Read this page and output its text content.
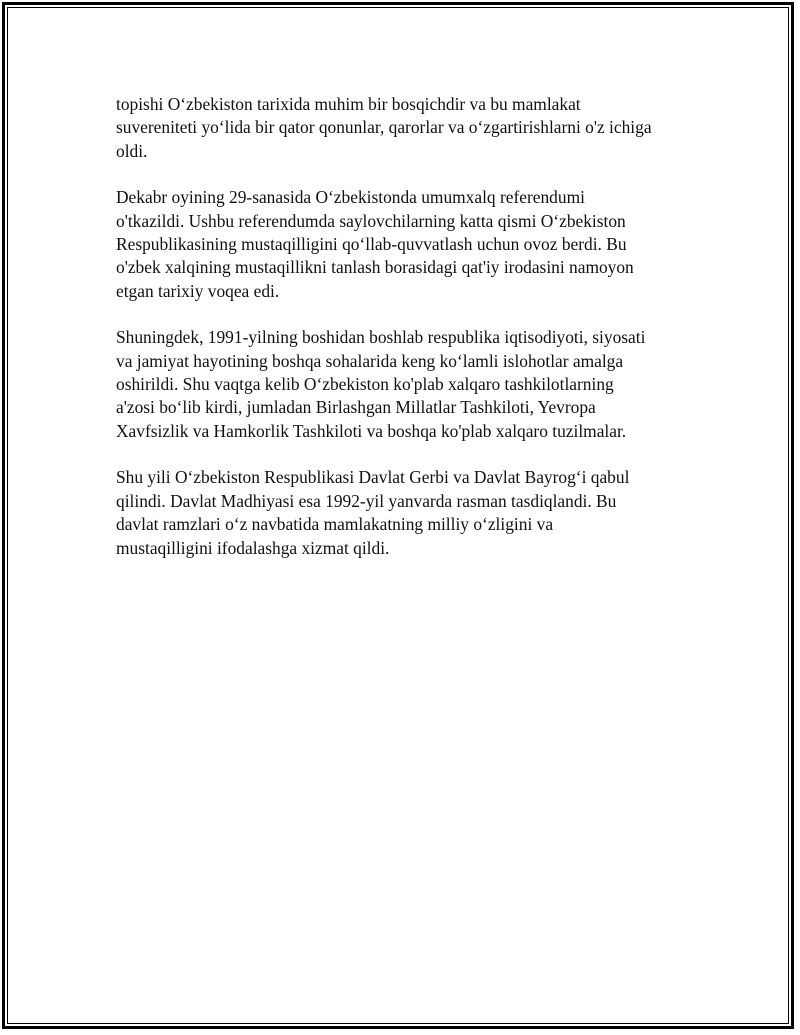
topishi O‘zbekiston tarixida muhim bir bosqichdir va bu mamlakat
suvereniteti yo‘lida bir qator qonunlar, qarorlar va o‘zgartirishlarni o'z ichiga
oldi.

Dekabr oyining 29-sanasida O‘zbekistonda umumxalq referendumi
o'tkazildi. Ushbu referendumda saylovchilarning katta qismi O‘zbekiston
Respublikasining mustaqilligini qo‘llab-quvvatlash uchun ovoz berdi. Bu
o'zbek xalqining mustaqillikni tanlash borasidagi qat'iy irodasini namoyon
etgan tarixiy voqea edi.

Shuningdek, 1991-yilning boshidan boshlab respublika iqtisodiyoti, siyosati
va jamiyat hayotining boshqa sohalarida keng ko‘lamli islohotlar amalga
oshirildi. Shu vaqtga kelib O‘zbekiston ko'plab xalqaro tashkilotlarning
a'zosi bo‘lib kirdi, jumladan Birlashgan Millatlar Tashkiloti, Yevropa
Xavfsizlik va Hamkorlik Tashkiloti va boshqa ko'plab xalqaro tuzilmalar.

Shu yili O‘zbekiston Respublikasi Davlat Gerbi va Davlat Bayrog‘i qabul
qilindi. Davlat Madhiyasi esa 1992-yil yanvarda rasman tasdiqlandi. Bu
davlat ramzlari o‘z navbatida mamlakatning milliy o‘zligini va
mustaqilligini ifodalashga xizmat qildi.
